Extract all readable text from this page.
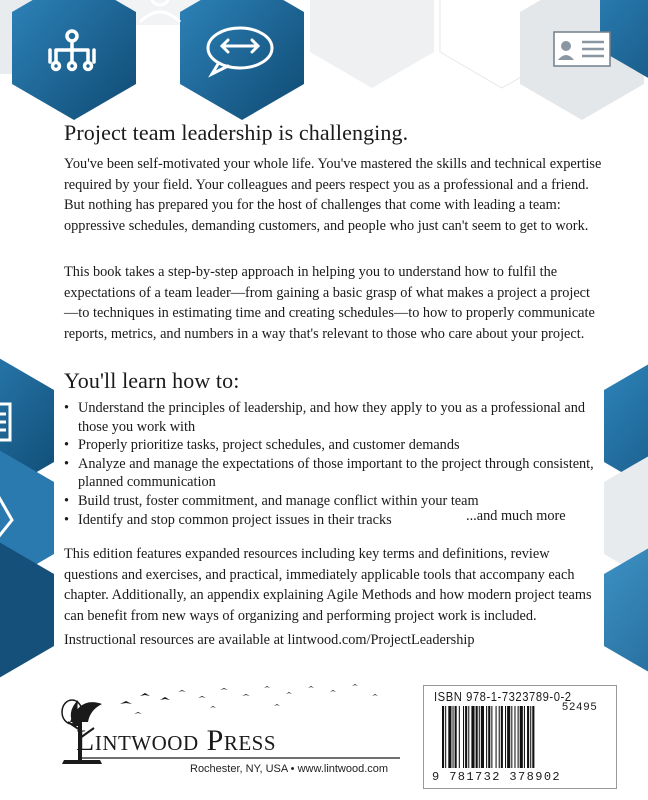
Project team leadership is challenging.

You've been self-motivated your whole life. You've mastered the skills and technical expertise required by your field. Your colleagues and peers respect you as a professional and a friend. But nothing has prepared you for the host of challenges that come with leading a team: oppressive schedules, demanding customers, and people who just can't seem to get to work.

This book takes a step-by-step approach in helping you to understand how to fulfil the expectations of a team leader—from gaining a basic grasp of what makes a project a project—to techniques in estimating time and creating schedules—to how to properly communicate reports, metrics, and numbers in a way that's relevant to those who care about your project.

You'll learn how to:
• Understand the principles of leadership, and how they apply to you as a professional and those you work with
• Properly prioritize tasks, project schedules, and customer demands
• Analyze and manage the expectations of those important to the project through consistent, planned communication
• Build trust, foster commitment, and manage conflict within your team
• Identify and stop common project issues in their tracks	...and much more

This edition features expanded resources including key terms and definitions, review questions and exercises, and practical, immediately applicable tools that accompany each chapter. Additionally, an appendix explaining Agile Methods and how modern project teams can benefit from new ways of organizing and performing project work is included.

Instructional resources are available at lintwood.com/ProjectLeadership
Lintwood Press
Rochester, NY, USA • www.lintwood.com
ISBN 978-1-7323789-0-2
52495
9 781732 378902
